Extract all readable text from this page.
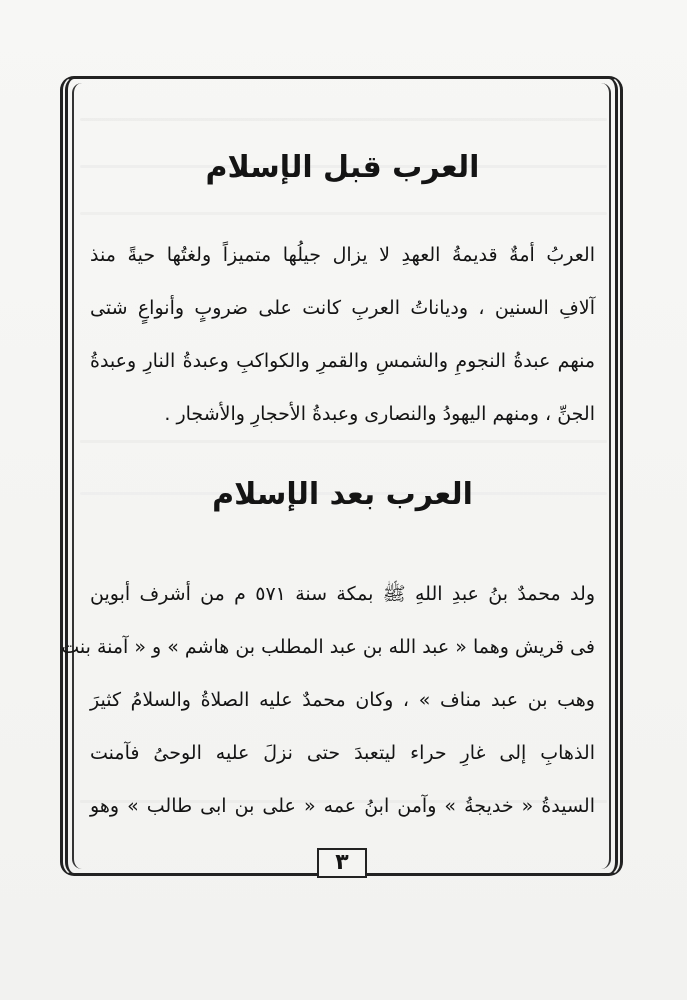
العرب قبل الإسلام

العربُ أمةٌ قديمةُ العهدِ لا يزال جيلُها متميزاً ولغتُها حيةً منذ
آلافِ السنين ، ودياناتُ العربِ كانت على ضروبٍ وأنواعٍ شتى
منهم عبدةُ النجومِ والشمسِ والقمرِ والكواكبِ وعبدةُ النارِ وعبدةُ
الجنِّ ، ومنهم اليهودُ والنصارى وعبدةُ الأحجارِ والأشجار .

العرب بعد الإسلام

ولد محمدٌ بنُ عبدِ اللهِ ﷺ بمكة سنة ٥٧١ م من أشرف أبوين
فى قريش وهما « عبد الله بن عبد المطلب بن هاشم » و « آمنة بنت
وهب بن عبد مناف » ، وكان محمدٌ عليه الصلاةُ والسلامُ كثيرَ
الذهابِ إلى غارِ حراء ليتعبدَ حتى نزلَ عليه الوحىُ فآمنت
السيدةُ « خديجةُ » وآمن ابنُ عمه « على بن ابى طالب » وهو

٣
